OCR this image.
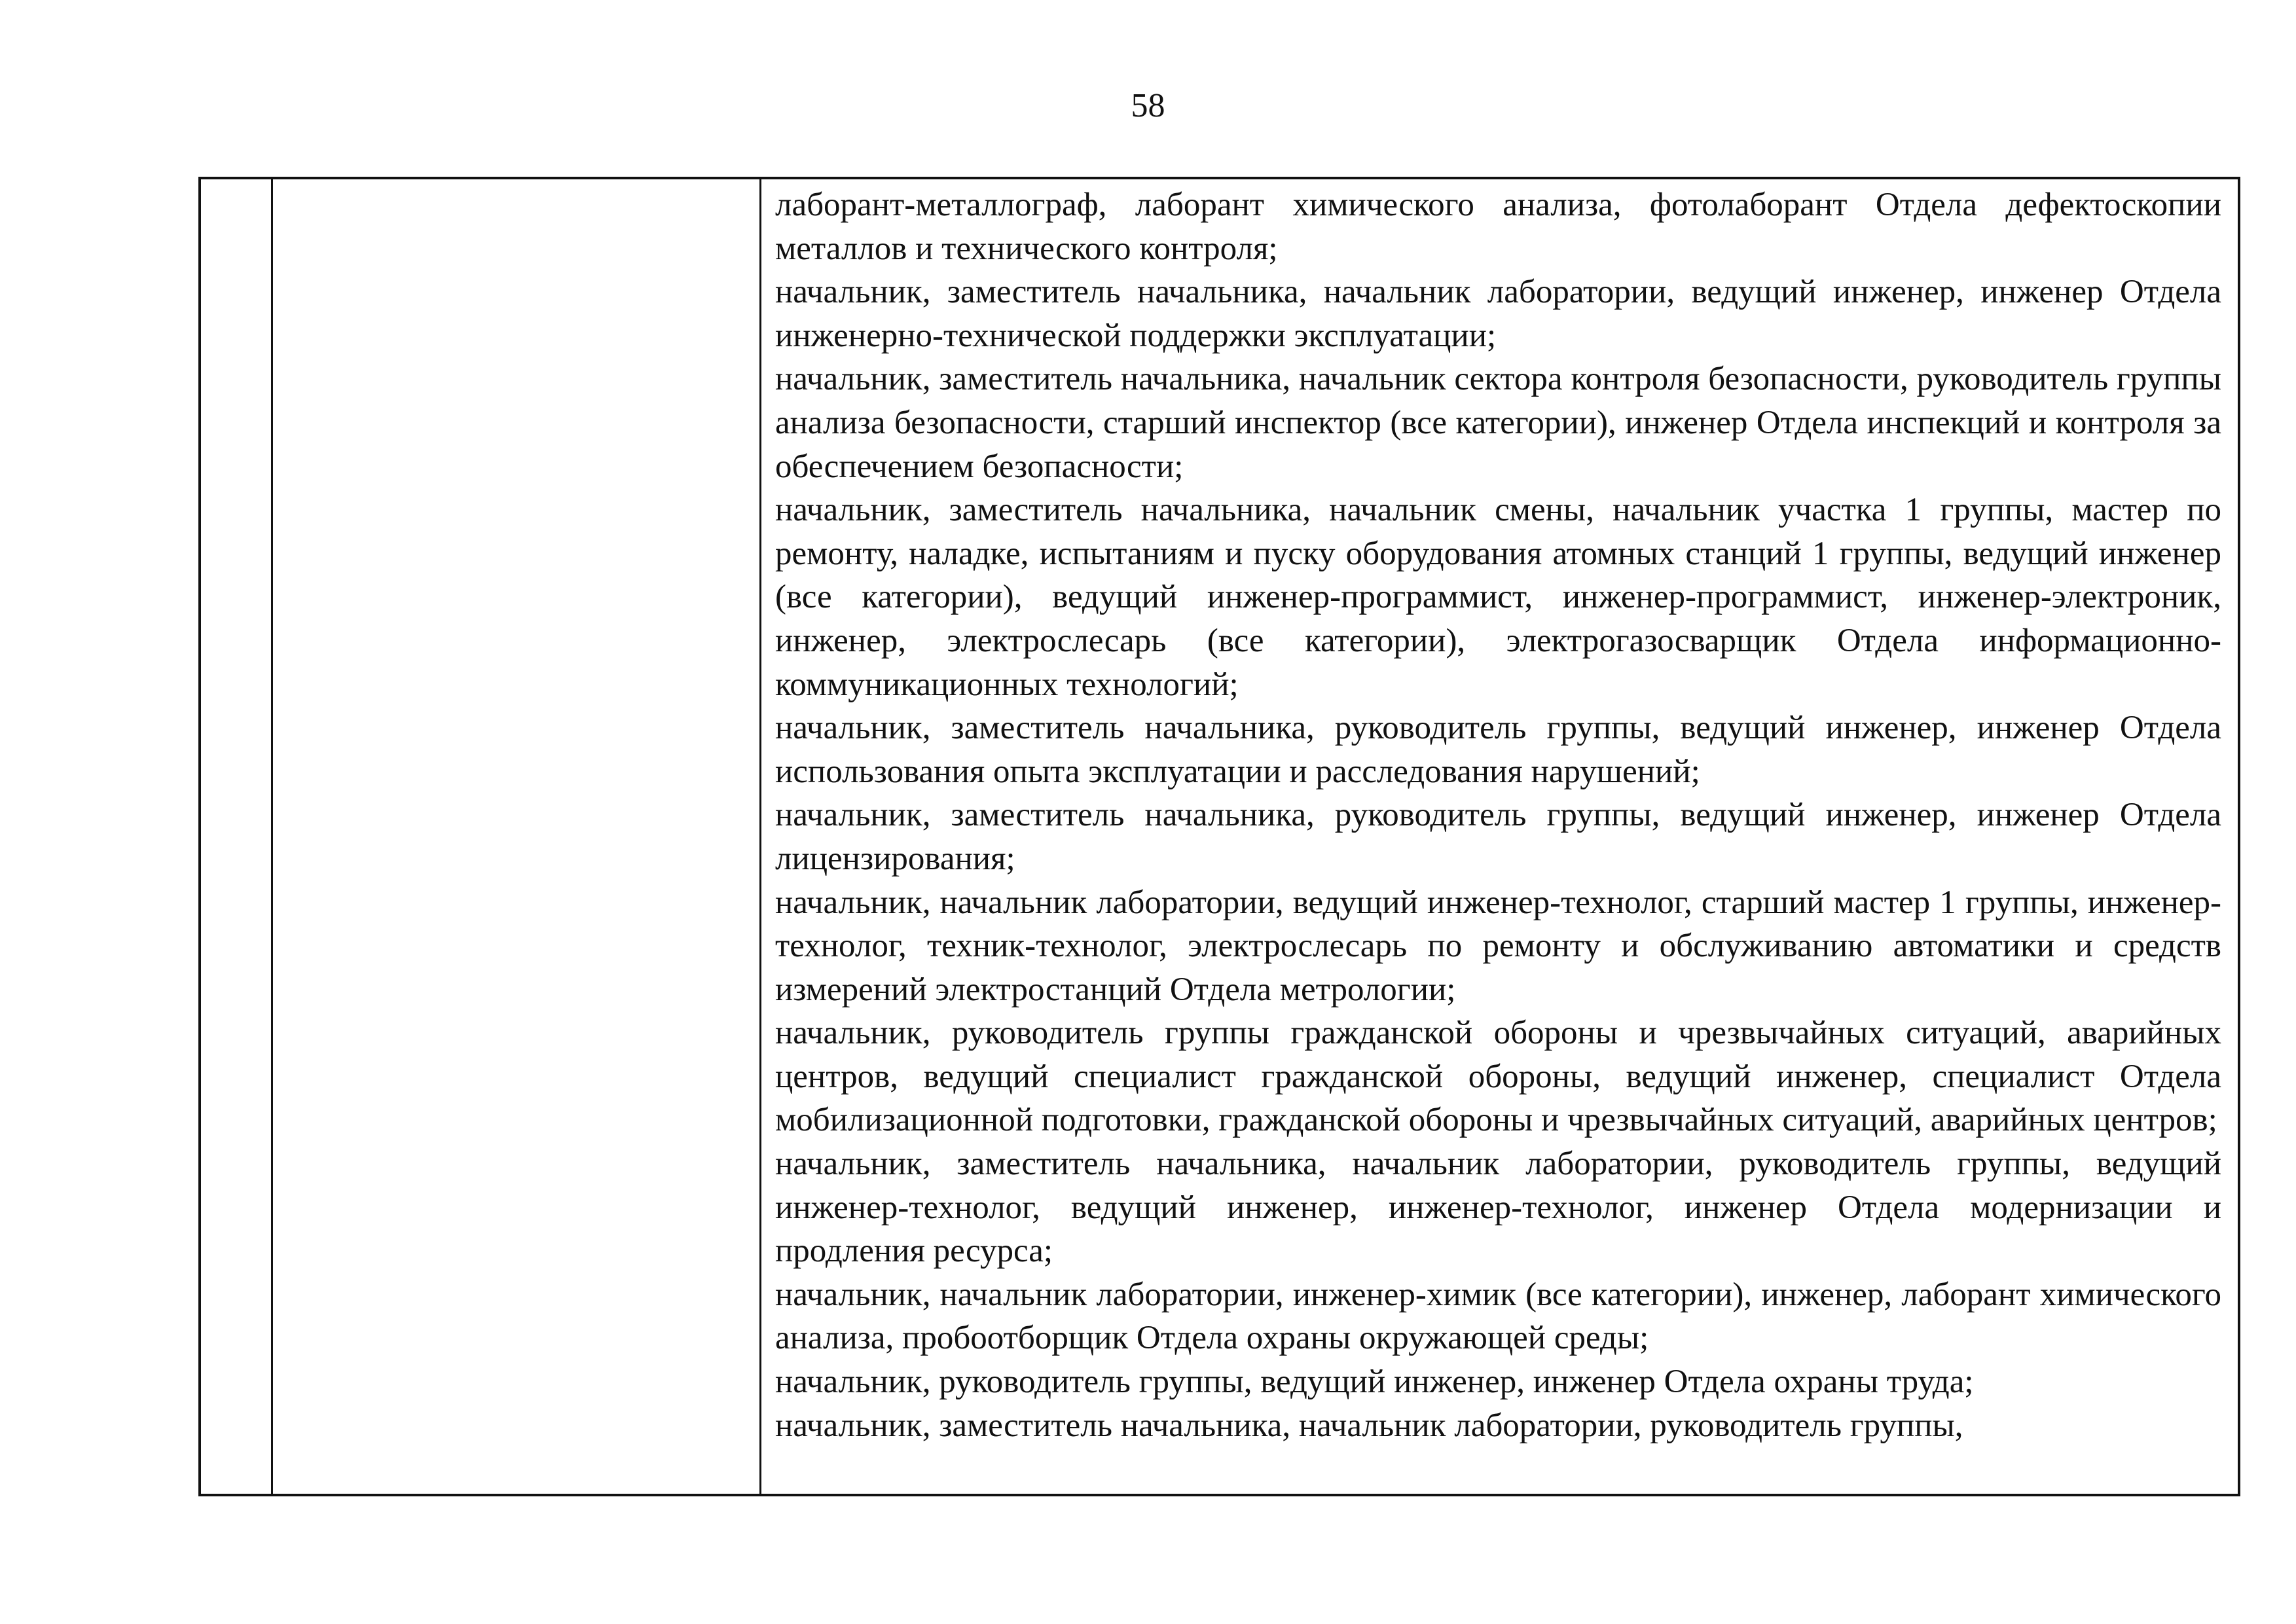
58

лаборант-металлограф, лаборант химического анализа, фотолаборант Отдела дефектоскопии металлов и технического контроля;

начальник, заместитель начальника, начальник лаборатории, ведущий инженер, инженер Отдела инженерно-технической поддержки эксплуатации;

начальник, заместитель начальника, начальник сектора контроля безопасности, руководитель группы анализа безопасности, старший инспектор (все категории), инженер Отдела инспекций и контроля за обеспечением безопасности;

начальник, заместитель начальника, начальник смены, начальник участка 1 группы, мастер по ремонту, наладке, испытаниям и пуску оборудования атомных станций 1 группы, ведущий инженер (все категории), ведущий инженер-программист, инженер-программист, инженер-электроник, инженер, электрослесарь (все категории), электрогазосварщик Отдела информационно-коммуникационных технологий;

начальник, заместитель начальника, руководитель группы, ведущий инженер, инженер Отдела использования опыта эксплуатации и расследования нарушений;

начальник, заместитель начальника, руководитель группы, ведущий инженер, инженер Отдела лицензирования;

начальник, начальник лаборатории, ведущий инженер-технолог, старший мастер 1 группы, инженер-технолог, техник-технолог, электрослесарь по ремонту и обслуживанию автоматики и средств измерений электростанций Отдела метрологии;

начальник, руководитель группы гражданской обороны и чрезвычайных ситуаций, аварийных центров, ведущий специалист гражданской обороны, ведущий инженер, специалист Отдела мобилизационной подготовки, гражданской обороны и чрезвычайных ситуаций, аварийных центров;

начальник, заместитель начальника, начальник лаборатории, руководитель группы, ведущий инженер-технолог, ведущий инженер, инженер-технолог, инженер Отдела модернизации и продления ресурса;

начальник, начальник лаборатории, инженер-химик (все категории), инженер, лаборант химического анализа, пробоотборщик Отдела охраны окружающей среды;

начальник, руководитель группы, ведущий инженер, инженер Отдела охраны труда;

начальник, заместитель начальника, начальник лаборатории, руководитель группы,
